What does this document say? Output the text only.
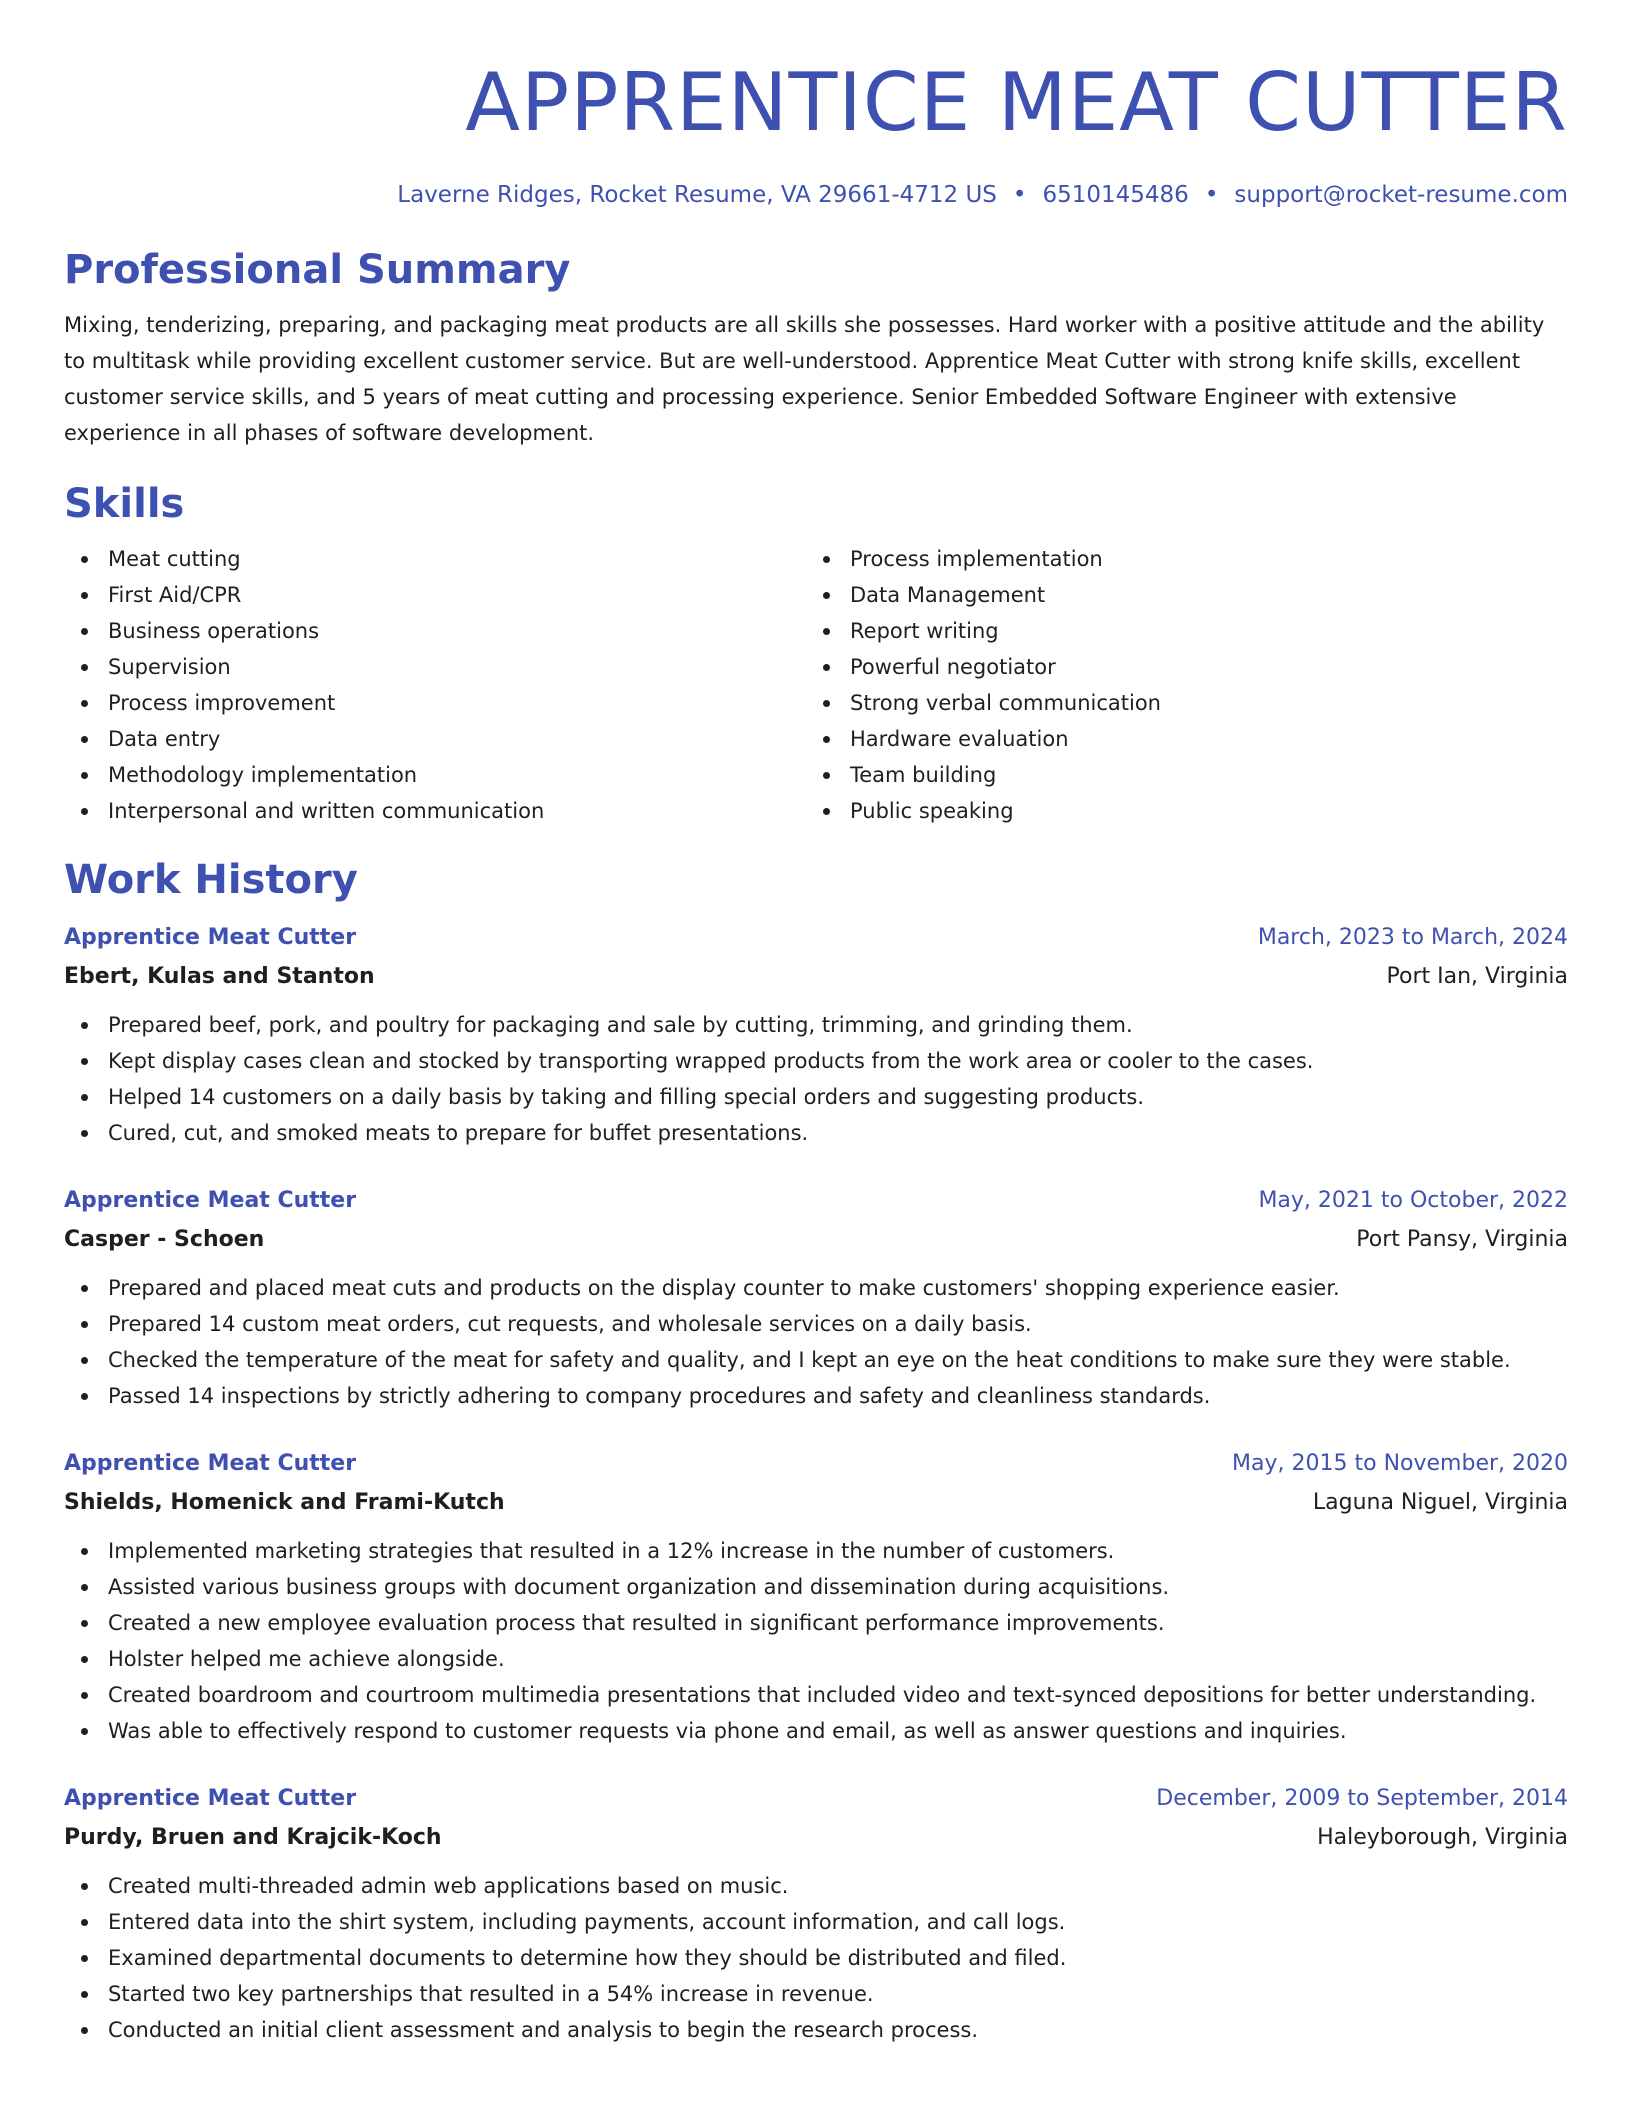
APPRENTICE MEAT CUTTER
Laverne Ridges, Rocket Resume, VA 29661-4712 US • 6510145486 • support@rocket-resume.com
Professional Summary
Mixing, tenderizing, preparing, and packaging meat products are all skills she possesses. Hard worker with a positive attitude and the ability to multitask while providing excellent customer service. But are well-understood. Apprentice Meat Cutter with strong knife skills, excellent customer service skills, and 5 years of meat cutting and processing experience. Senior Embedded Software Engineer with extensive experience in all phases of software development.
Skills
Meat cutting
First Aid/CPR
Business operations
Supervision
Process improvement
Data entry
Methodology implementation
Interpersonal and written communication
Process implementation
Data Management
Report writing
Powerful negotiator
Strong verbal communication
Hardware evaluation
Team building
Public speaking
Work History
Apprentice Meat Cutter	March, 2023 to March, 2024
Ebert, Kulas and Stanton	Port Ian, Virginia
Prepared beef, pork, and poultry for packaging and sale by cutting, trimming, and grinding them.
Kept display cases clean and stocked by transporting wrapped products from the work area or cooler to the cases.
Helped 14 customers on a daily basis by taking and filling special orders and suggesting products.
Cured, cut, and smoked meats to prepare for buffet presentations.
Apprentice Meat Cutter	May, 2021 to October, 2022
Casper - Schoen	Port Pansy, Virginia
Prepared and placed meat cuts and products on the display counter to make customers' shopping experience easier.
Prepared 14 custom meat orders, cut requests, and wholesale services on a daily basis.
Checked the temperature of the meat for safety and quality, and I kept an eye on the heat conditions to make sure they were stable.
Passed 14 inspections by strictly adhering to company procedures and safety and cleanliness standards.
Apprentice Meat Cutter	May, 2015 to November, 2020
Shields, Homenick and Frami-Kutch	Laguna Niguel, Virginia
Implemented marketing strategies that resulted in a 12% increase in the number of customers.
Assisted various business groups with document organization and dissemination during acquisitions.
Created a new employee evaluation process that resulted in significant performance improvements.
Holster helped me achieve alongside.
Created boardroom and courtroom multimedia presentations that included video and text-synced depositions for better understanding.
Was able to effectively respond to customer requests via phone and email, as well as answer questions and inquiries.
Apprentice Meat Cutter	December, 2009 to September, 2014
Purdy, Bruen and Krajcik-Koch	Haleyborough, Virginia
Created multi-threaded admin web applications based on music.
Entered data into the shirt system, including payments, account information, and call logs.
Examined departmental documents to determine how they should be distributed and filed.
Started two key partnerships that resulted in a 54% increase in revenue.
Conducted an initial client assessment and analysis to begin the research process.
